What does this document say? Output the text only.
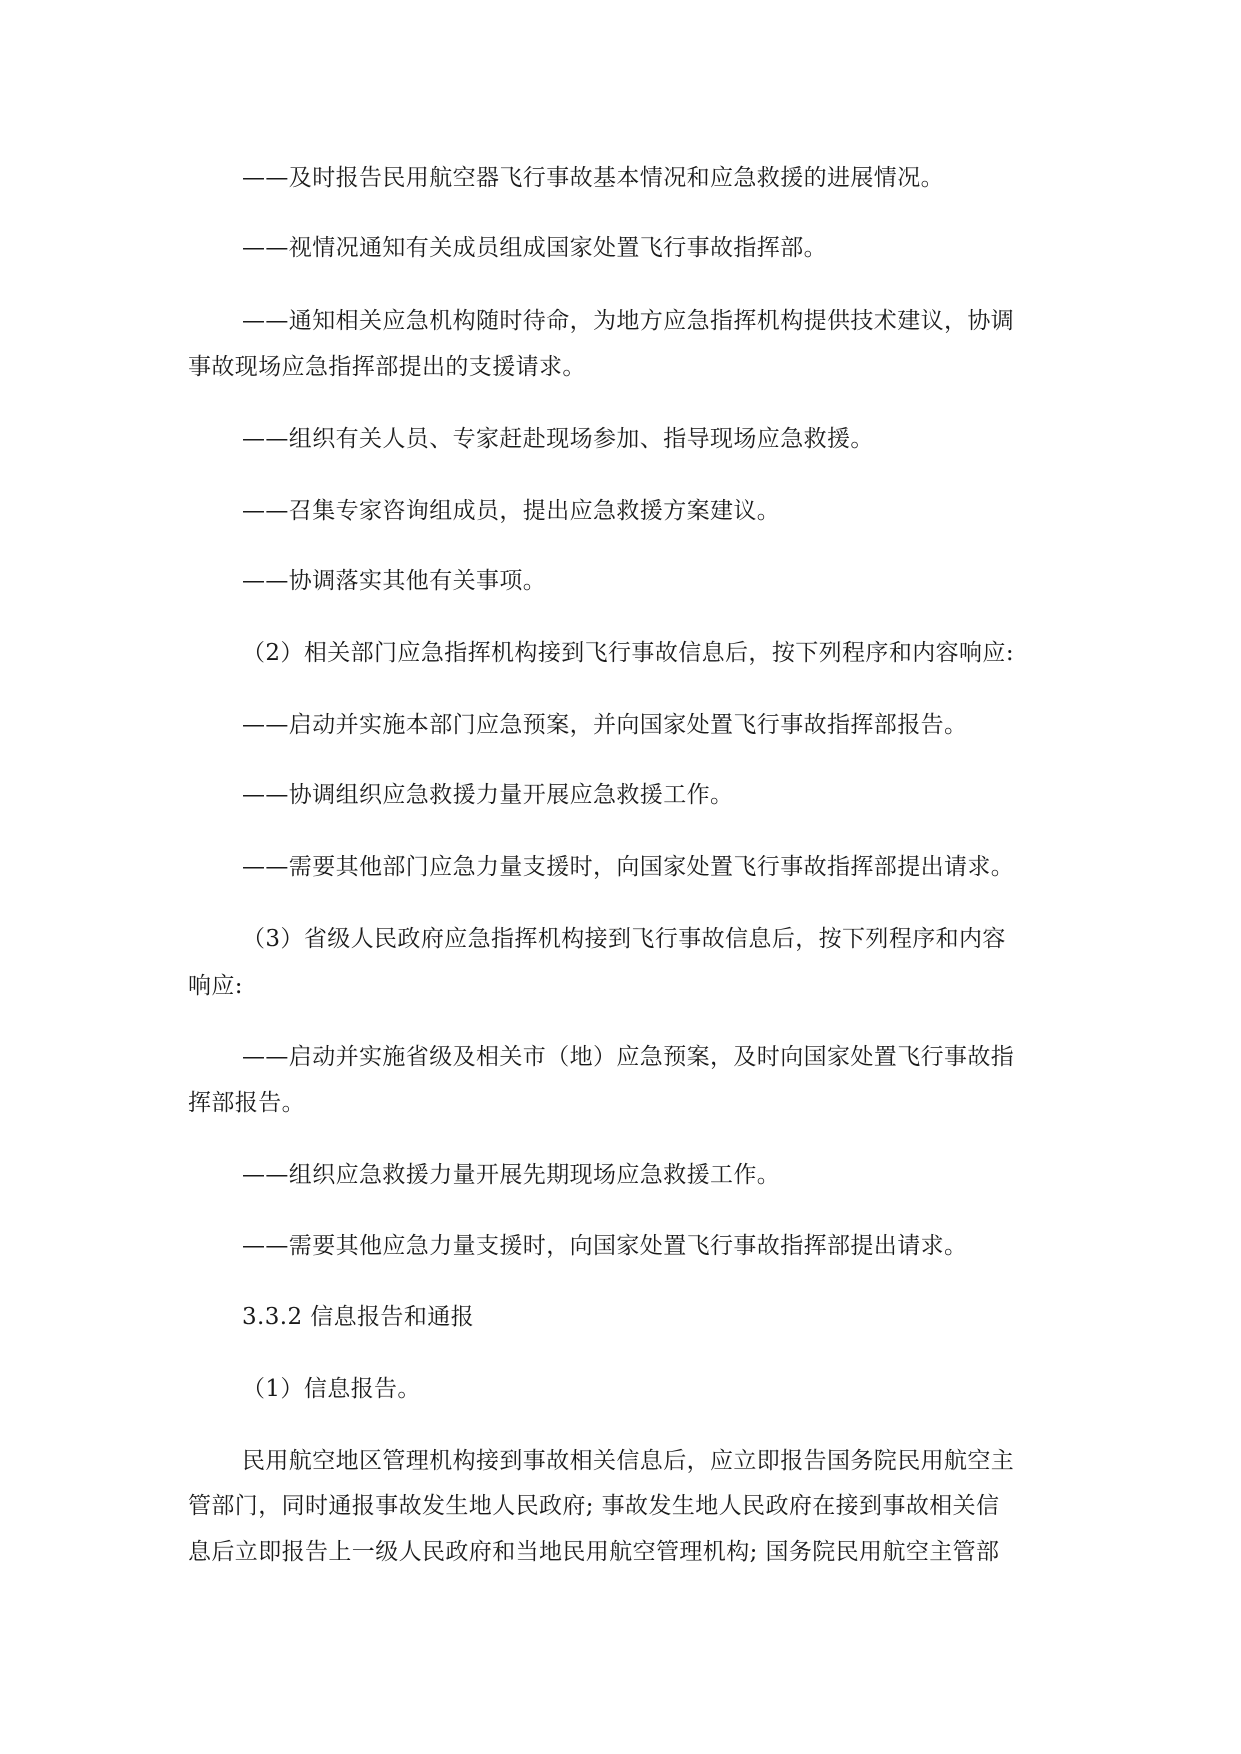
——及时报告民用航空器飞行事故基本情况和应急救援的进展情况。
——视情况通知有关成员组成国家处置飞行事故指挥部。
——通知相关应急机构随时待命，为地方应急指挥机构提供技术建议，协调
事故现场应急指挥部提出的支援请求。
——组织有关人员、专家赶赴现场参加、指导现场应急救援。
——召集专家咨询组成员，提出应急救援方案建议。
——协调落实其他有关事项。
（2）相关部门应急指挥机构接到飞行事故信息后，按下列程序和内容响应:
——启动并实施本部门应急预案，并向国家处置飞行事故指挥部报告。
——协调组织应急救援力量开展应急救援工作。
——需要其他部门应急力量支援时，向国家处置飞行事故指挥部提出请求。
（3）省级人民政府应急指挥机构接到飞行事故信息后，按下列程序和内容
响应:
——启动并实施省级及相关市（地）应急预案，及时向国家处置飞行事故指
挥部报告。
——组织应急救援力量开展先期现场应急救援工作。
——需要其他应急力量支援时，向国家处置飞行事故指挥部提出请求。
3.3.2 信息报告和通报
（1）信息报告。
民用航空地区管理机构接到事故相关信息后，应立即报告国务院民用航空主
管部门，同时通报事故发生地人民政府; 事故发生地人民政府在接到事故相关信
息后立即报告上一级人民政府和当地民用航空管理机构; 国务院民用航空主管部
